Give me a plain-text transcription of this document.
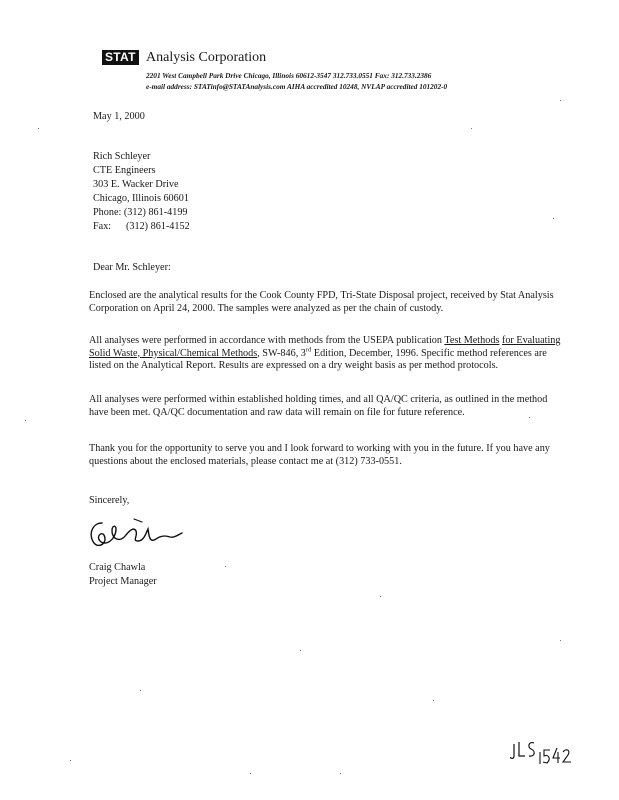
STAT Analysis Corporation
2201 West Campbell Park Drive Chicago, Illinois 60612-3547 312.733.0551 Fax: 312.733.2386
e-mail address: STATinfo@STATAnalysis.com AIHA accredited 10248, NVLAP accredited 101202-0
May 1, 2000
Rich Schleyer
CTE Engineers
303 E. Wacker Drive
Chicago, Illinois 60601
Phone: (312) 861-4199
Fax: (312) 861-4152
Dear Mr. Schleyer:

Enclosed are the analytical results for the Cook County FPD, Tri-State Disposal project, received by Stat Analysis Corporation on April 24, 2000. The samples were analyzed as per the chain of custody.

All analyses were performed in accordance with methods from the USEPA publication Test Methods for Evaluating Solid Waste, Physical/Chemical Methods, SW-846, 3rd Edition, December, 1996. Specific method references are listed on the Analytical Report. Results are expressed on a dry weight basis as per method protocols.

All analyses were performed within established holding times, and all QA/QC criteria, as outlined in the method have been met. QA/QC documentation and raw data will remain on file for future reference.

Thank you for the opportunity to serve you and I look forward to working with you in the future. If you have any questions about the enclosed materials, please contact me at (312) 733-0551.

Sincerely,
Craig Chawla
Project Manager
